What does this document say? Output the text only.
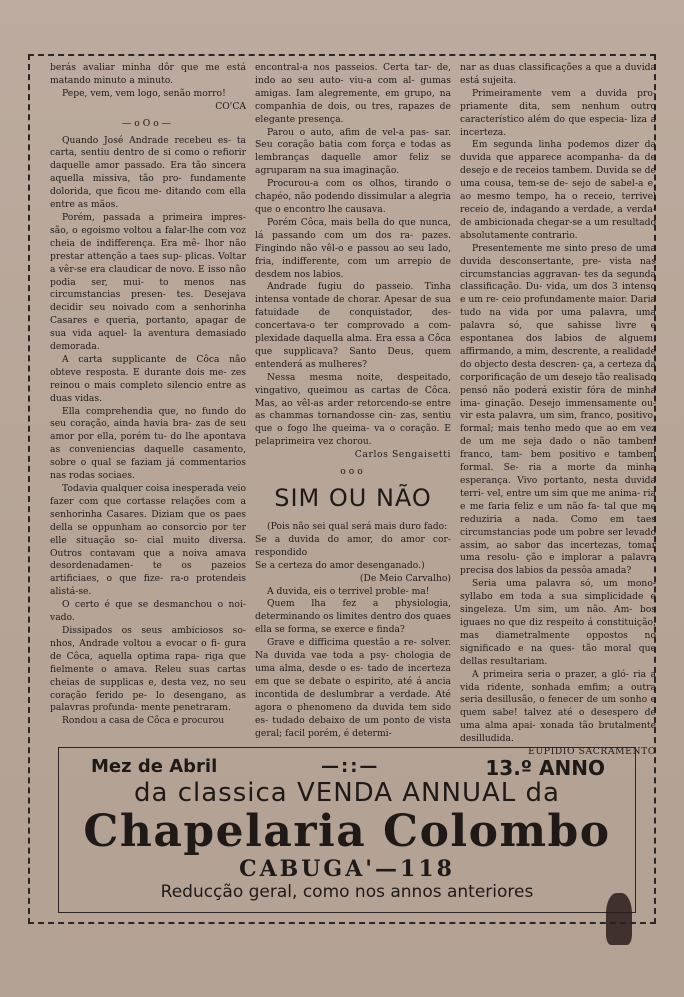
berás avaliar minha dôr que me está matando minuto a minuto.

Pepe, vem, vem logo, senão morro!

CO'CA

—oOo—

Quando José Andrade recebeu es- ta carta, sentiu dentro de si como o refiorir daquelle amor passado. Era tão sincera aquella missiva, tão pro- fundamente dolorida, que ficou me- ditando com ella entre as mãos.

Porém, passada a primeira impres- são, o egoismo voltou a falar-lhe com voz cheia de indifferença. Era mê- lhor não prestar attenção a taes sup- plicas. Voltar a vêr-se era claudicar de novo. E isso não podia ser, mui- to menos nas circumstancias presen- tes. Desejava decidir seu noivado com a senhorinha Casares e queria, portanto, apagar de sua vida aquel- la aventura demasiado demorada.

A carta supplicante de Côca não obteve resposta. E durante dois me- zes reinou o mais completo silencio entre as duas vidas.

Ella comprehendia que, no fundo do seu coração, ainda havia bra- zas de seu amor por ella, porém tu- do lhe apontava as conveniencias daquelle casamento, sobre o qual se faziam já commentarios nas rodas sociaes.

Todavia qualquer coisa inesperada veio fazer com que cortasse relações com a senhorinha Casares. Diziam que os paes della se oppunham ao consorcio por ter elle situação so- cial muito diversa. Outros contavam que a noiva amava desordenadamen- te os pazeios artificiaes, o que fize- ra-o protendeis alistá-se.

O certo é que se desmanchou o noi- vado.

Dissipados os seus ambiciosos so- nhos, Andrade voltou a evocar o fi- gura de Côca, aquella optima rapa- riga que fielmente o amava. Releu suas cartas cheias de supplicas e, desta vez, no seu coração ferido pe- lo desengano, as palavras profunda- mente penetraram.

Rondou a casa de Côca e procurou

encontral-a nos passeios. Certa tar- de, indo ao seu auto- viu-a com al- gumas amigas. Iam alegremente, em grupo, na companhia de dois, ou tres, rapazes de elegante presença.

Parou o auto, afim de vel-a pas- sar. Seu coração batia com força e todas as lembranças daquelle amor feliz se agruparam na sua imaginação.

Procurou-a com os olhos, tirando o chapéo, não podendo dissimular a alegria que o encontro lhe causava.

Porém Côca, mais bella do que nunca, lá passando com um dos ra- pazes. Fingindo não vêl-o e passou ao seu lado, fria, indifferente, com um arrepio de desdem nos labios.

Andrade fugiu do passeio. Tinha intensa vontade de chorar. Apesar de sua fatuidade de conquistador, des- concertava-o ter comprovado a com- plexidade daquella alma. Era essa a Côca que supplicava? Santo Deus, quem entenderá as mulheres?

Nessa mesma noite, despeitado, vingativo, queimou as cartas de Côca. Mas, ao vêl-as arder retorcendo-se entre as chammas tornandosse cin- zas, sentiu que o fogo lhe queima- va o coração. E pelaprimeira vez chorou.

Carlos Sengaisetti

ooo

SIM OU NÃO

(Pois não sei qual será mais duro fado:

Se a duvida do amor, do amor cor- respondido

Se a certeza do amor desenganado.)

(De Meio Carvalho)

A duvida, eis o terrivel proble- ma!

Quem lha fez a physiologia, determinando os limites dentro dos quaes ella se forma, se exerce e finda?

Grave e difficima questão a re- solver. Na duvida vae toda a psy- chologia de uma alma, desde o es- tado de incerteza em que se debate o espirito, até á ancia incontida de deslumbrar a verdade. Até agora o phenomeno da duvida tem sido es- tudado debaixo de um ponto de vista geral; facil porém, é determi-

nar as duas classificações a que a duvida está sujeita.

Primeiramente vem a duvida pro- priamente dita, sem nenhum outro característico além do que especia- liza a incerteza.

Em segunda linha podemos dizer da duvida que apparece acompanha- da de desejo e de receios tambem. Duvida se de uma cousa, tem-se de- sejo de sabel-a e, ao mesmo tempo, ha o receio, terrivel receio de, indagando a verdade, a verda- de ambicionada chegar-se a um resultado absolutamente contrario.

Presentemente me sinto preso de uma duvida desconsertante, pre- vista nas circumstancias aggravan- tes da segunda classificação. Du- vida, um dos 3 intenso e um re- ceio profundamente maior. Daria tudo na vida por uma palavra, uma palavra só, que sahisse livre e espontanea dos labios de alguem, affirmando, a mim, descrente, a realidade do objecto desta descren- ça, a certeza da corporificação de um desejo tão realisado pensó não poderá existir fóra de minha ima- ginação. Desejo immensamente ou- vir esta palavra, um sim, franco, positivo, formal; mais tenho medo que ao em vez de um me seja dado o não tambem franco, tam- bem positivo e tambem formal. Se- ria a morte da minha esperança. Vivo portanto, nesta duvida terri- vel, entre um sim que me anima- ria e me faria feliz e um não fa- tal que me reduziria a nada. Como em taes circumstancias pode um pobre ser levado assim, ao sabor das incertezas, tomar uma resolu- ção e implorar a palavra precisa dos labios da pessôa amada?

Seria uma palavra só, um mono- syllabo em toda a sua simplicidade e singeleza. Um sim, um não. Am- bos iguaes no que diz respeito á constituição, mas diametralmente oppostos no significado e na ques- tão moral que dellas resultariam.

A primeira seria o prazer, a gló- ria a vida ridente, sonhada emfim; a outra seria desillusão, o fenecer de um sonho e quem sabe! talvez até o desespero de uma alma apai- xonada tão brutalmente desilludida.

EUPIDIO SACRAMENTO

Mez de Abril	—::—	13.º ANNO
da classica VENDA ANNUAL da
Chapelaria Colombo
CABUGA'—118
Reducção geral, como nos annos anteriores
